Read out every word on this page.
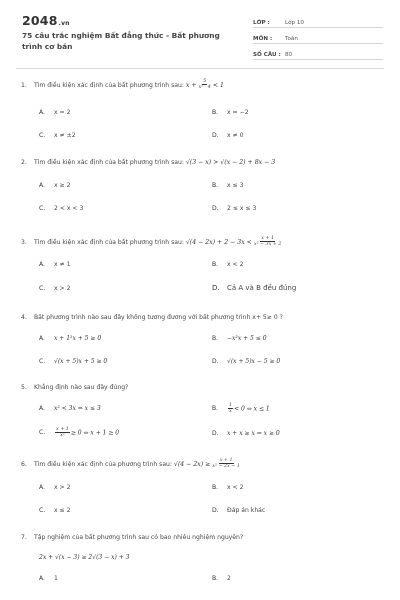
2048.vn
75 câu trắc nghiệm Bất đẳng thức - Bất phương trình cơ bản
LỚP :	Lớp 10
MÔN :	Toán
SỐ CÂU : 80
1. Tìm điều kiện xác định của bất phương trình sau: $x + \frac{5}{\text{x² - 4}} < 1$
A. x = 2	B. x = −2
C. x ≠ ±2	D. x ≠ 0
2. Tìm điều kiện xác định của bất phương trình sau: √(3 − x) > √(x − 2) + 8x − 3
A. x ≥ 2	B. x ≤ 3
C. 2 < x < 3	D. 2 ≤ x ≤ 3
3. Tìm điều kiện xác định của bất phương trình sau: $√(4 - 2x) + 2 - 3x < \frac{x + 1}{\text{x² − 3x + 2}}$
A. x ≠ 1	B. x < 2
C. x > 2	D. Cả A và B đều đúng
4. Bất phương trình nào sau đây không tương đương với bất phương trình x+ 5≥ 0 ?
A. x + 1²x + 5 ≥ 0	B. −x²x + 5 ≤ 0
C. √(x + 5)x + 5 ≥ 0	D. √(x + 5)x − 5 ≥ 0
5. Khẳng định nào sau đây đúng?
A. x² < 3x ⇔ x ≤ 3	B. $\frac{1}{x} < 0$ ⇔ x ≤ 1
C. $\frac{x + 1}{\text{x²}} \ge 0$ ⇔ x + 1 ≥ 0	D. x + x ≥ x ⇔ x ≥ 0
6. Tìm điều kiện xác định của phương trình sau: $√(4 - 2x) \ge \frac{x + 1}{\text{x² − 2x − 1}}$
A. x > 2	B. x < 2
C. x ≤ 2	D. Đáp án khác
7. Tập nghiệm của bất phương trình sau có bao nhiêu nghiệm nguyên?
2x + √(x − 3) ≥ 2√(3 − x) + 3
A. 1	B. 2
